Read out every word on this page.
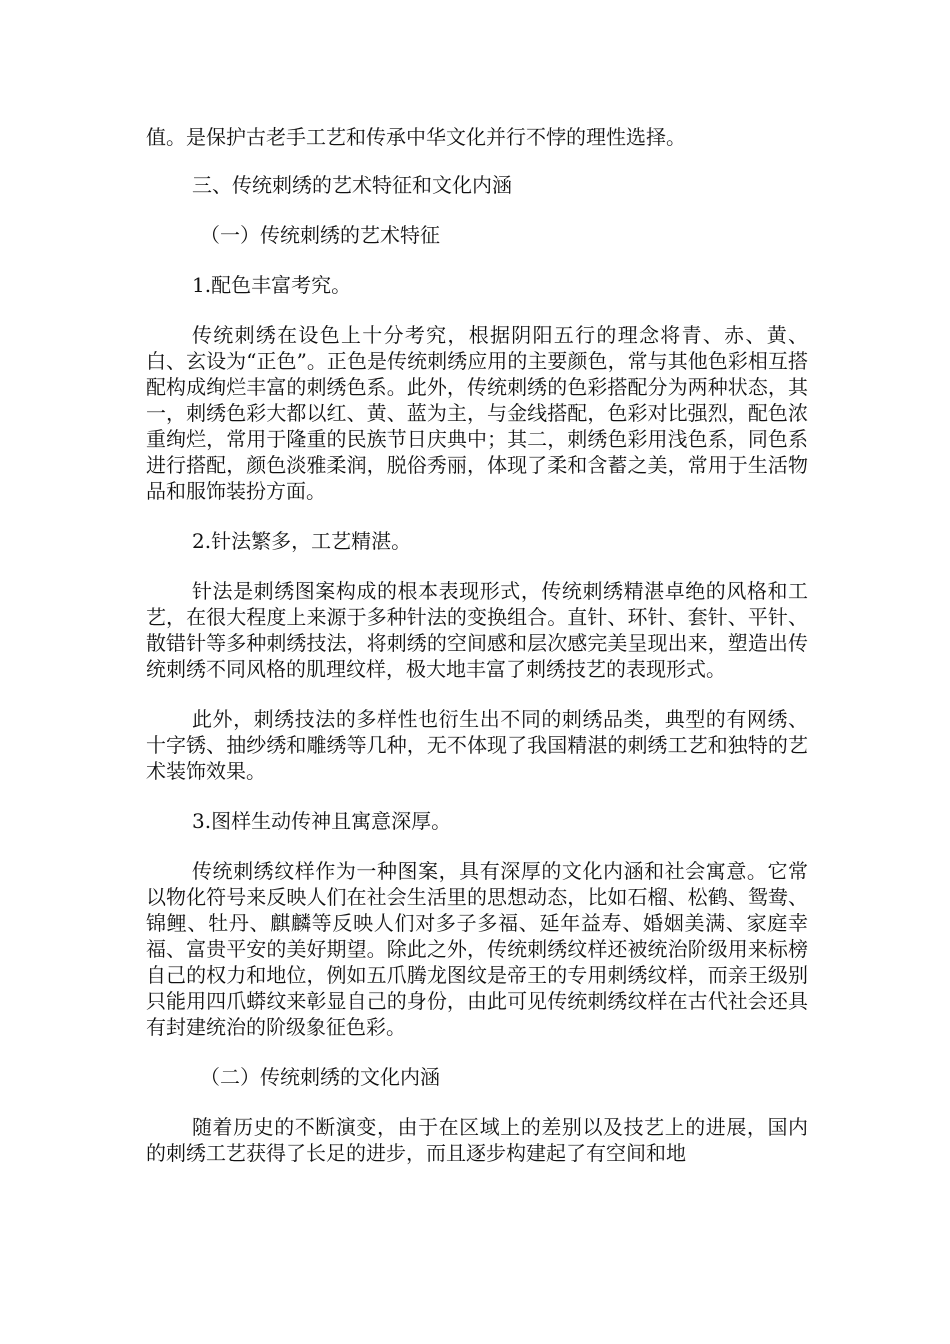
值。是保护古老手工艺和传承中华文化并行不悖的理性选择。

三、传统刺绣的艺术特征和文化内涵

（一）传统刺绣的艺术特征

1.配色丰富考究。

传统刺绣在设色上十分考究，根据阴阳五行的理念将青、赤、黄、白、玄设为“正色”。正色是传统刺绣应用的主要颜色，常与其他色彩相互搭配构成绚烂丰富的刺绣色系。此外，传统刺绣的色彩搭配分为两种状态，其一，刺绣色彩大都以红、黄、蓝为主，与金线搭配，色彩对比强烈，配色浓重绚烂，常用于隆重的民族节日庆典中；其二，刺绣色彩用浅色系，同色系进行搭配，颜色淡雅柔润，脱俗秀丽，体现了柔和含蓄之美，常用于生活物品和服饰装扮方面。

2.针法繁多，工艺精湛。

针法是刺绣图案构成的根本表现形式，传统刺绣精湛卓绝的风格和工艺，在很大程度上来源于多种针法的变换组合。直针、环针、套针、平针、散错针等多种刺绣技法，将刺绣的空间感和层次感完美呈现出来，塑造出传统刺绣不同风格的肌理纹样，极大地丰富了刺绣技艺的表现形式。

此外，刺绣技法的多样性也衍生出不同的刺绣品类，典型的有网绣、十字锈、抽纱绣和雕绣等几种，无不体现了我国精湛的刺绣工艺和独特的艺术装饰效果。

3.图样生动传神且寓意深厚。

传统刺绣纹样作为一种图案，具有深厚的文化内涵和社会寓意。它常以物化符号来反映人们在社会生活里的思想动态，比如石榴、松鹤、鸳鸯、锦鲤、牡丹、麒麟等反映人们对多子多福、延年益寿、婚姻美满、家庭幸福、富贵平安的美好期望。除此之外，传统刺绣纹样还被统治阶级用来标榜自己的权力和地位，例如五爪腾龙图纹是帝王的专用刺绣纹样，而亲王级别只能用四爪蟒纹来彰显自己的身份，由此可见传统刺绣纹样在古代社会还具有封建统治的阶级象征色彩。

（二）传统刺绣的文化内涵

随着历史的不断演变，由于在区域上的差别以及技艺上的进展，国内的刺绣工艺获得了长足的进步，而且逐步构建起了有空间和地
